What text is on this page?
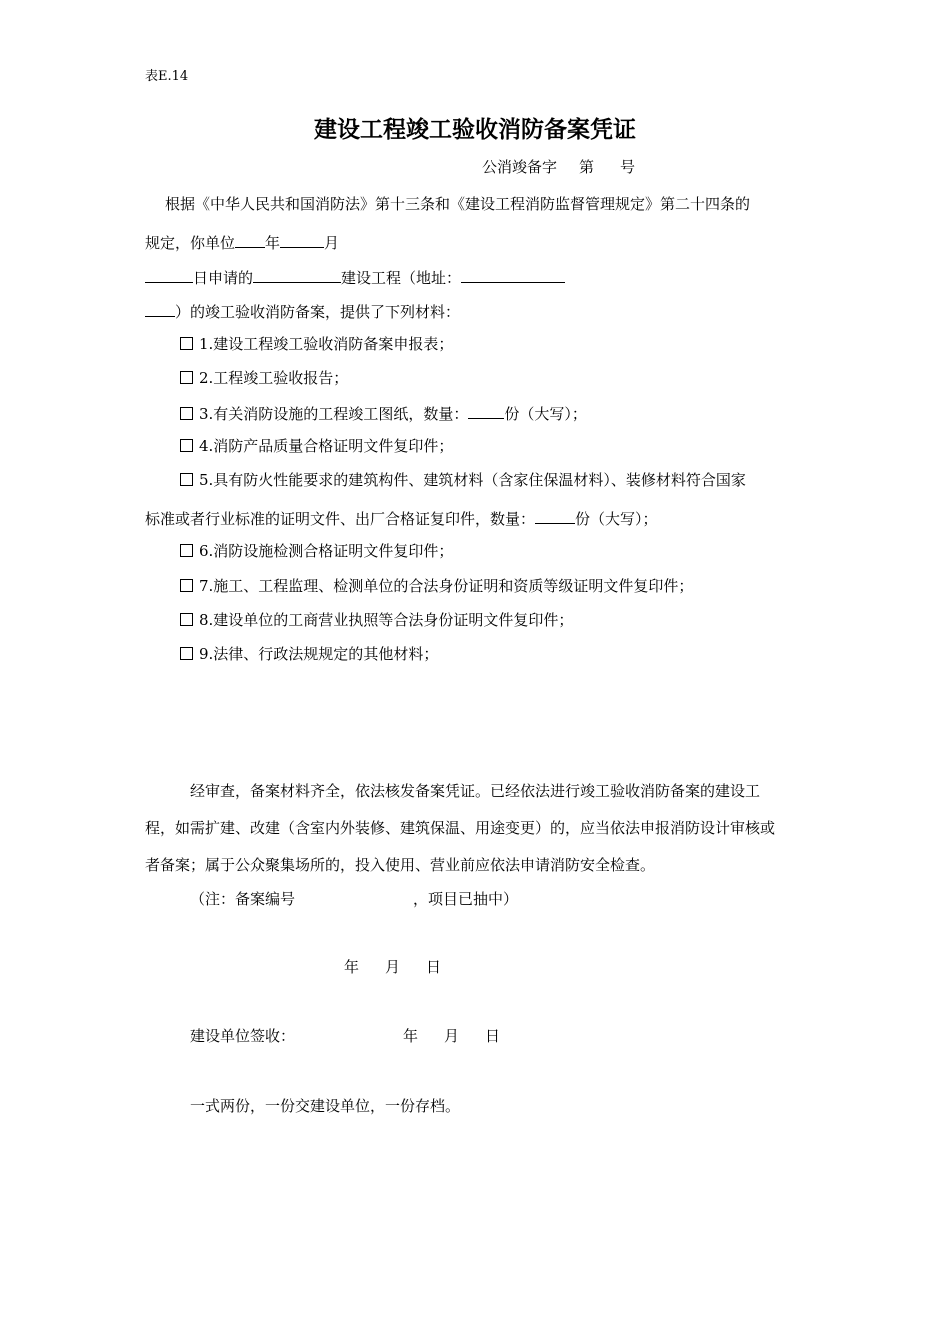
表E.14
建设工程竣工验收消防备案凭证
公消竣备字 第 号
根据《中华人民共和国消防法》第十三条和《建设工程消防监督管理规定》第二十四条的
规定，你单位 年	月
日申请的	建设工程（地址：
）的竣工验收消防备案，提供了下列材料：
1.建设工程竣工验收消防备案申报表；
2.工程竣工验收报告；
3.有关消防设施的工程竣工图纸，数量： 份（大写）；
4.消防产品质量合格证明文件复印件；
5.具有防火性能要求的建筑构件、建筑材料（含家住保温材料）、装修材料符合国家
标准或者行业标准的证明文件、出厂合格证复印件，数量：	份（大写）；
6.消防设施检测合格证明文件复印件；
7.施工、工程监理、检测单位的合法身份证明和资质等级证明文件复印件；
8.建设单位的工商营业执照等合法身份证明文件复印件；
9.法律、行政法规规定的其他材料；
经审查，备案材料齐全，依法核发备案凭证。已经依法进行竣工验收消防备案的建设工
程，如需扩建、改建（含室内外装修、建筑保温、用途变更）的，应当依法申报消防设计审核或
者备案；属于公众聚集场所的，投入使用、营业前应依法申请消防安全检查。
（注：备案编号	，项目已抽中）
年 月 日
建设单位签收：	年 月 日
一式两份，一份交建设单位，一份存档。
